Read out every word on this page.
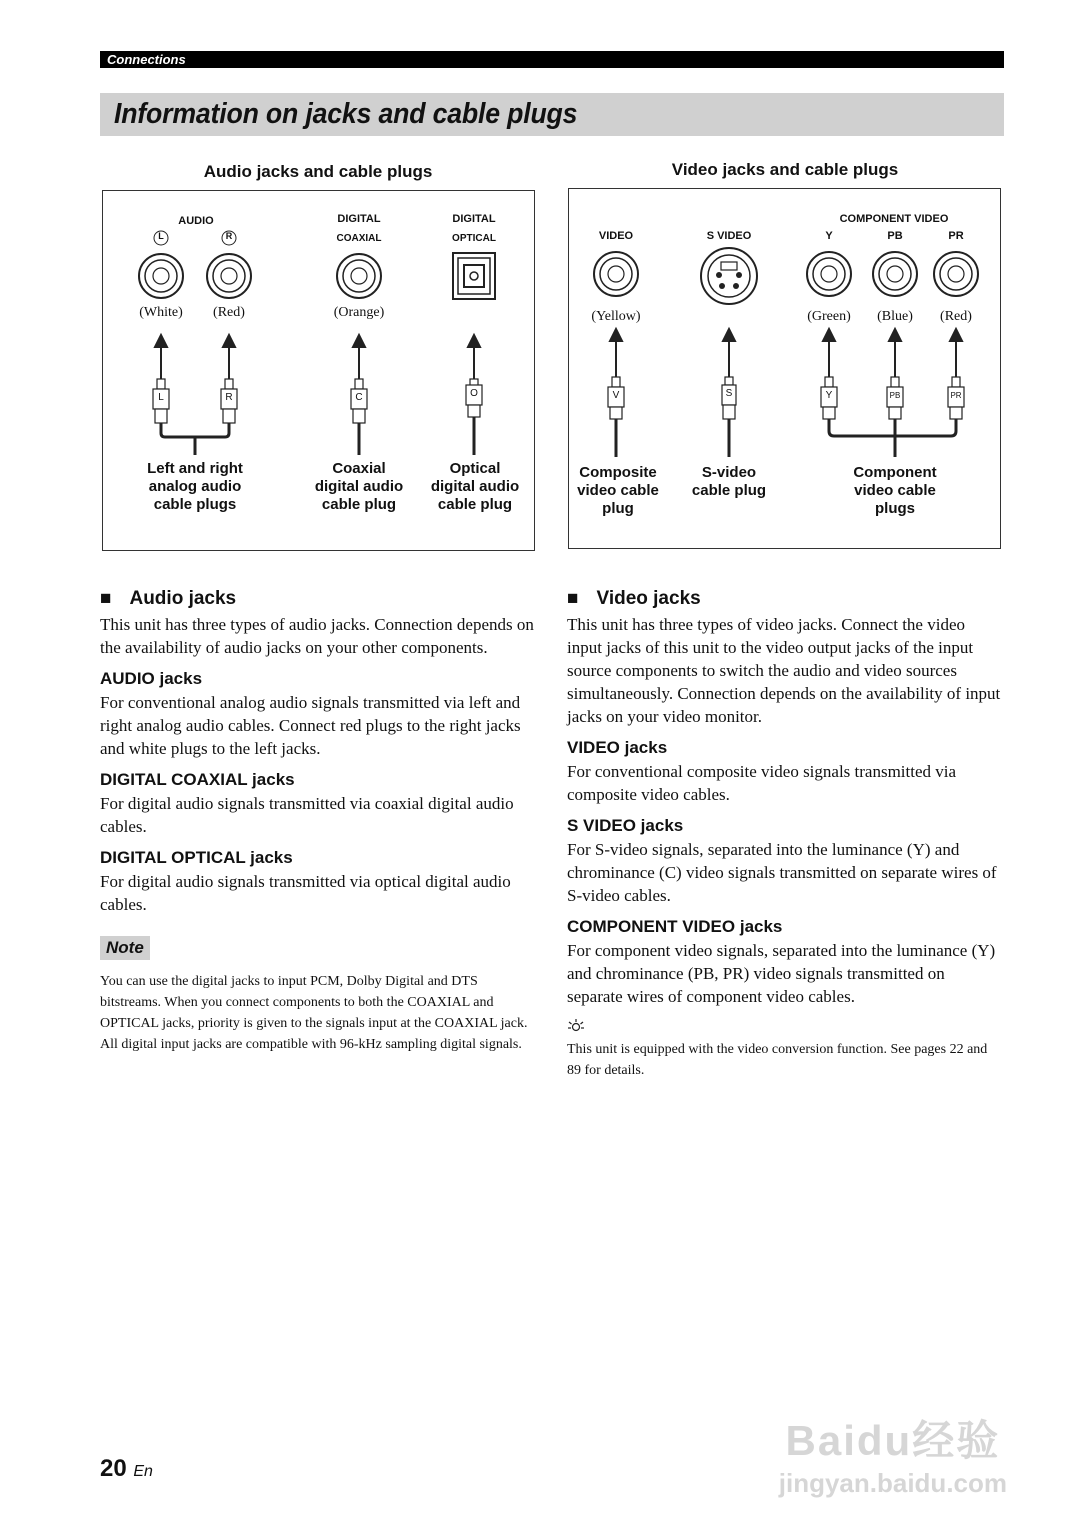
Connections
Information on jacks and cable plugs
Audio jacks and cable plugs
AUDIO
L	R
DIGITAL
COAXIAL
DIGITAL
OPTICAL
(White)	(Red)	(Orange)
L	R	C	O
Left and right analog audio cable plugs
Coaxial digital audio cable plug
Optical digital audio cable plug
Video jacks and cable plugs
VIDEO	S VIDEO
COMPONENT VIDEO
Y	PB	PR
(Yellow)	(Green)	(Blue)	(Red)
V	S	Y	PB	PR
Composite video cable plug
S-video cable plug
Component video cable plugs

■ Audio jacks

This unit has three types of audio jacks. Connection depends on the availability of audio jacks on your other components.

AUDIO jacks

For conventional analog audio signals transmitted via left and right analog audio cables. Connect red plugs to the right jacks and white plugs to the left jacks.

DIGITAL COAXIAL jacks

For digital audio signals transmitted via coaxial digital audio cables.

DIGITAL OPTICAL jacks

For digital audio signals transmitted via optical digital audio cables.

Note

You can use the digital jacks to input PCM, Dolby Digital and DTS bitstreams. When you connect components to both the COAXIAL and OPTICAL jacks, priority is given to the signals input at the COAXIAL jack. All digital input jacks are compatible with 96-kHz sampling digital signals.

■ Video jacks

This unit has three types of video jacks. Connect the video input jacks of this unit to the video output jacks of the input source components to switch the audio and video sources simultaneously. Connection depends on the availability of input jacks on your video monitor.

VIDEO jacks

For conventional composite video signals transmitted via composite video cables.

S VIDEO jacks

For S-video signals, separated into the luminance (Y) and chrominance (C) video signals transmitted on separate wires of S-video cables.

COMPONENT VIDEO jacks

For component video signals, separated into the luminance (Y) and chrominance (PB, PR) video signals transmitted on separate wires of component video cables.

This unit is equipped with the video conversion function. See pages 22 and 89 for details.

20 En
Baidu经验
jingyan.baidu.com
